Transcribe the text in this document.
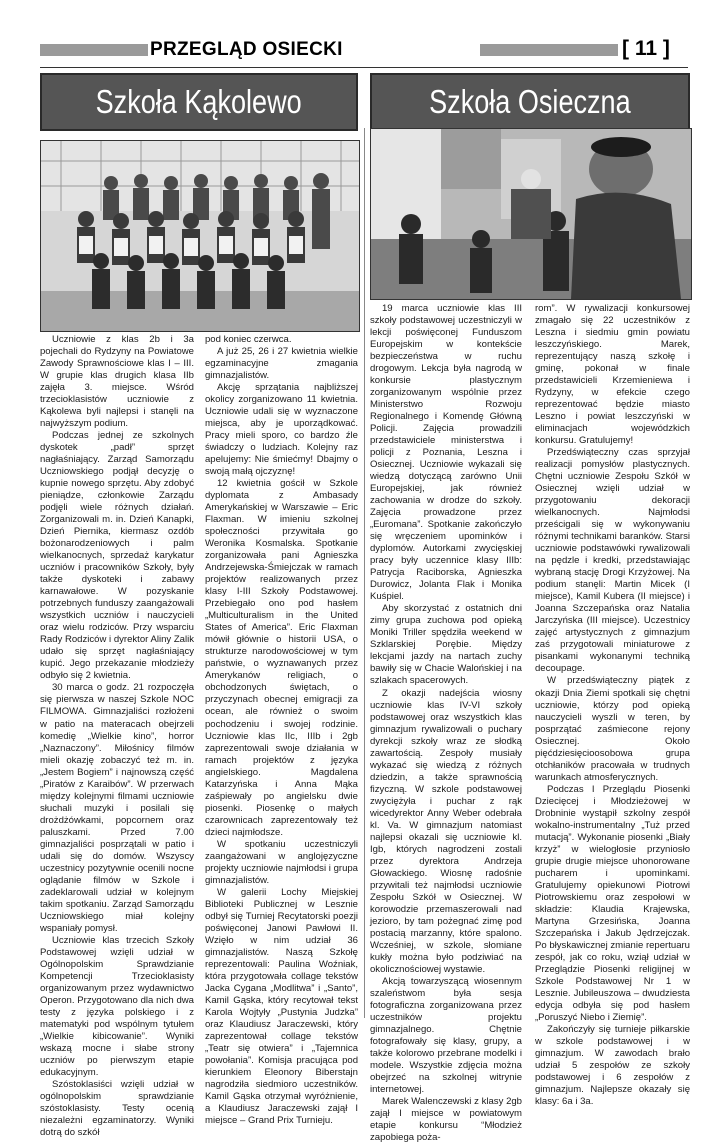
PRZEGLĄD OSIECKI	[ 11 ]
Szkoła Kąkolewo	Szkoła Osieczna

Uczniowie z klas 2b i 3a pojechali do Rydzyny na Powiatowe Zawody Sprawnościowe klas I – III. W grupie klas drugich klasa IIb zajęła 3. miejsce. Wśród trzecioklasistów uczniowie z Kąkolewa byli najlepsi i stanęli na najwyższym podium.

Podczas jednej ze szkolnych dyskotek „padł” sprzęt nagłaśniający. Zarząd Samorządu Uczniowskiego podjął decyzję o kupnie nowego sprzętu. Aby zdobyć pieniądze, członkowie Zarządu podjęli wiele różnych działań. Zorganizowali m. in. Dzień Kanapki, Dzień Piernika, kiermasz ozdób bożonarodzeniowych i palm wielkanocnych, sprzedaż karykatur uczniów i pracowników Szkoły, były także dyskoteki i zabawy karnawałowe. W pozyskanie potrzebnych funduszy zaangażowali wszystkich uczniów i nauczycieli oraz wielu rodziców. Przy wsparciu Rady Rodziców i dyrektor Aliny Zalik udało się sprzęt nagłaśniający kupić. Jego przekazanie młodzieży odbyło się 2 kwietnia.

30 marca o godz. 21 rozpoczęła się pierwsza w naszej Szkole NOC FILMOWA. Gimnazjaliści rozłożeni w patio na materacach obejrzeli komedię „Wielkie kino”, horror „Naznaczony”. Miłośnicy filmów mieli okazję zobaczyć też m. in. „Jestem Bogiem” i najnowszą część „Piratów z Karaibów”. W przerwach między kolejnymi filmami uczniowie słuchali muzyki i posilali się drożdżówkami, popcornem oraz paluszkami. Przed 7.00 gimnazjaliści posprzątali w patio i udali się do domów. Wszyscy uczestnicy pozytywnie ocenili nocne oglądanie filmów w Szkole i zadeklarowali udział w kolejnym takim spotkaniu. Zarząd Samorządu Uczniowskiego miał kolejny wspaniały pomysł.

Uczniowie klas trzecich Szkoły Podstawowej wzięli udział w Ogólnopolskim Sprawdzianie Kompetencji Trzecioklasisty organizowanym przez wydawnictwo Operon. Przygotowano dla nich dwa testy z języka polskiego i z matematyki pod wspólnym tytułem „Wielkie kibicowanie”. Wyniki wskazą mocne i słabe strony uczniów po pierwszym etapie edukacyjnym.

Szóstoklasiści wzięli udział w ogólnopolskim sprawdzianie szóstoklasisty. Testy ocenią niezależni egzaminatorzy. Wyniki dotrą do szkół

pod koniec czerwca.

A już 25, 26 i 27 kwietnia wielkie egzaminacyjne zmagania gimnazjalistów.

Akcję sprzątania najbliższej okolicy zorganizowano 11 kwietnia. Uczniowie udali się w wyznaczone miejsca, aby je uporządkować. Pracy mieli sporo, co bardzo źle świadczy o ludziach. Kolejny raz apelujemy: Nie śmiećmy! Dbajmy o swoją małą ojczyznę!

12 kwietnia gościł w Szkole dyplomata z Ambasady Amerykańskiej w Warszawie – Eric Flaxman. W imieniu szkolnej społeczności przywitała go Weronika Kosmalska. Spotkanie zorganizowała pani Agnieszka Andrzejewska-Śmiejczak w ramach projektów realizowanych przez klasy I-III Szkoły Podstawowej. Przebiegało ono pod hasłem „Multiculturalism in the United States of America”. Eric Flaxman mówił głównie o historii USA, o strukturze narodowościowej w tym państwie, o wyznawanych przez Amerykanów religiach, o obchodzonych świętach, o przyczynach obecnej emigracji za ocean, ale również o swoim pochodzeniu i swojej rodzinie. Uczniowie klas IIc, IIIb i 2gb zaprezentowali swoje działania w ramach projektów z języka angielskiego. Magdalena Katarzyńska i Anna Mąka zaśpiewały po angielsku dwie piosenki. Piosenkę o małych czarownicach zaprezentowały też dzieci najmłodsze.

W spotkaniu uczestniczyli zaangażowani w anglojęzyczne projekty uczniowie najmłodsi i grupa gimnazjalistów.

W galerii Lochy Miejskiej Biblioteki Publicznej w Lesznie odbył się Turniej Recytatorski poezji poświęconej Janowi Pawłowi II. Wzięło w nim udział 36 gimnazjalistów. Naszą Szkołę reprezentowali: Paulina Woźniak, która przygotowała collage tekstów Jacka Cygana „Modlitwa” i „Santo”, Kamil Gąska, który recytował tekst Karola Wojtyły „Pustynia Judzka” oraz Klaudiusz Jaraczewski, który zaprezentował collage tekstów „Teatr się otwiera” i „Tajemnica powołania”. Komisja pracująca pod kierunkiem Eleonory Biberstajn nagrodziła siedmioro uczestników. Kamil Gąska otrzymał wyróżnienie, a Klaudiusz Jaraczewski zajął I miejsce – Grand Prix Turnieju.

19 marca uczniowie klas III szkoły podstawowej uczestniczyli w lekcji poświęconej Funduszom Europejskim w kontekście bezpieczeństwa w ruchu drogowym. Lekcja była nagrodą w konkursie plastycznym zorganizowanym wspólnie przez Ministerstwo Rozwoju Regionalnego i Komendę Główną Policji. Zajęcia prowadzili przedstawiciele ministerstwa i policji z Poznania, Leszna i Osiecznej. Uczniowie wykazali się wiedzą dotyczącą zarówno Unii Europejskiej, jak również zachowania w drodze do szkoły. Zajęcia prowadzone przez „Euromana”. Spotkanie zakończyło się wręczeniem upominków i dyplomów. Autorkami zwycięskiej pracy były uczennice klasy IIIb: Patrycja Raciborska, Agnieszka Durowicz, Jolanta Flak i Monika Kuśpiel.

Aby skorzystać z ostatnich dni zimy grupa zuchowa pod opieką Moniki Triller spędziła weekend w Szklarskiej Porębie. Między lekcjami jazdy na nartach zuchy bawiły się w Chacie Walońskiej i na szlakach spacerowych.

Z okazji nadejścia wiosny uczniowie klas IV-VI szkoły podstawowej oraz wszystkich klas gimnazjum rywalizowali o puchary dyrekcji szkoły wraz ze słodką zawartością. Zespoły musiały wykazać się wiedzą z różnych dziedzin, a także sprawnością fizyczną. W szkole podstawowej zwyciężyła i puchar z rąk wicedyrektor Anny Weber odebrała kl. Va. W gimnazjum natomiast najlepsi okazali się uczniowie kl. Igb, których nagrodzeni zostali przez dyrektora Andrzeja Głowackiego. Wiosnę radośnie przywitali też najmłodsi uczniowie Zespołu Szkół w Osiecznej. W korowodzie przemaszerowali nad jezioro, by tam pożegnać zimę pod postacią marzanny, które spalono. Wcześniej, w szkole, słomiane kukły można było podziwiać na okolicznościowej wystawie.

Akcją towarzyszącą wiosennym szaleństwom była sesja fotograficzna zorganizowana przez uczestników projektu gimnazjalnego. Chętnie fotografowały się klasy, grupy, a także kolorowo przebrane modelki i modele. Wszystkie zdjęcia można obejrzeć na szkolnej witrynie internetowej.

Marek Walenczewski z klasy 2gb zajął I miejsce w powiatowym etapie konkursu “Młodzież zapobiega poża-

rom”. W rywalizacji konkursowej zmagało się 22 uczestników z Leszna i siedmiu gmin powiatu leszczyńskiego. Marek, reprezentujący naszą szkołę i gminę, pokonał w finale przedstawicieli Krzemieniewa i Rydzyny, w efekcie czego reprezentować będzie miasto Leszno i powiat leszczyński w eliminacjach wojewódzkich konkursu. Gratulujemy!

Przedświąteczny czas sprzyjał realizacji pomysłów plastycznych. Chętni uczniowie Zespołu Szkół w Osiecznej wzięli udział w przygotowaniu dekoracji wielkanocnych. Najmłodsi prześcigali się w wykonywaniu różnymi technikami baranków. Starsi uczniowie podstawówki rywalizowali na pędzle i kredki, przedstawiając wybraną stację Drogi Krzyżowej. Na podium stanęli: Martin Micek (I miejsce), Kamil Kubera (II miejsce) i Joanna Szczepańska oraz Natalia Jarczyńska (III miejsce). Uczestnicy zajęć artystycznych z gimnazjum zaś przygotowali miniaturowe z pisankami wykonanymi techniką decoupage.

W przedświąteczny piątek z okazji Dnia Ziemi spotkali się chętni uczniowie, którzy pod opieką nauczycieli wyszli w teren, by posprzątać zaśmiecone rejony Osiecznej. Około pięćdziesięcioosobowa grupa otchłaników pracowała w trudnych warunkach atmosferycznych.

Podczas I Przeglądu Piosenki Dziecięcej i Młodzieżowej w Drobninie wystąpił szkolny zespół wokalno-instrumentalny „Tuż przed mutacją”. Wykonanie piosenki „Biały krzyż” w wielogłosie przyniosło grupie drugie miejsce uhonorowane pucharem i upominkami. Gratulujemy opiekunowi Piotrowi Piotrowskiemu oraz zespołowi w składzie: Klaudia Krajewska, Martyna Grzesińska, Joanna Szczepańska i Jakub Jędrzejczak. Po błyskawicznej zmianie repertuaru zespół, jak co roku, wziął udział w Przeglądzie Piosenki religijnej w Szkole Podstawowej Nr 1 w Lesznie. Jubileuszowa – dwudziesta edycja odbyła się pod hasłem „Poruszyć Niebo i Ziemię”.

Zakończyły się turnieje piłkarskie w szkole podstawowej i w gimnazjum. W zawodach brało udział 5 zespołów ze szkoły podstawowej i 6 zespołów z gimnazjum. Najlepsze okazały się klasy: 6a i 3a.
